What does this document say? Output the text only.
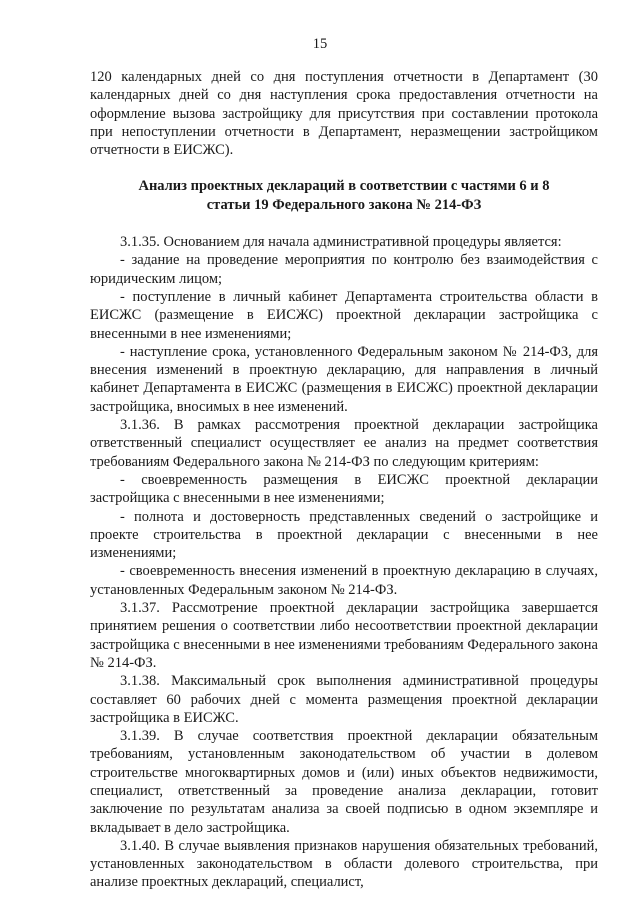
15

120 календарных дней со дня поступления отчетности в Департамент (30 календарных дней со дня наступления срока предоставления отчетности на оформление вызова застройщику для присутствия при составлении протокола при непоступлении отчетности в Департамент, неразмещении застройщиком отчетности в ЕИСЖС).

Анализ проектных деклараций в соответствии с частями 6 и 8
статьи 19 Федерального закона № 214-ФЗ

3.1.35. Основанием для начала административной процедуры является:

- задание на проведение мероприятия по контролю без взаимодействия с юридическим лицом;

- поступление в личный кабинет Департамента строительства области в ЕИСЖС (размещение в ЕИСЖС) проектной декларации застройщика с внесенными в нее изменениями;

- наступление срока, установленного Федеральным законом № 214-ФЗ, для внесения изменений в проектную декларацию, для направления в личный кабинет Департамента в ЕИСЖС (размещения в ЕИСЖС) проектной декларации застройщика, вносимых в нее изменений.

3.1.36. В рамках рассмотрения проектной декларации застройщика ответственный специалист осуществляет ее анализ на предмет соответствия требованиям Федерального закона № 214-ФЗ по следующим критериям:

- своевременность размещения в ЕИСЖС проектной декларации застройщика с внесенными в нее изменениями;

- полнота и достоверность представленных сведений о застройщике и проекте строительства в проектной декларации с внесенными в нее изменениями;

- своевременность внесения изменений в проектную декларацию в случаях, установленных Федеральным законом № 214-ФЗ.

3.1.37. Рассмотрение проектной декларации застройщика завершается принятием решения о соответствии либо несоответствии проектной декларации застройщика с внесенными в нее изменениями требованиям Федерального закона № 214-ФЗ.

3.1.38. Максимальный срок выполнения административной процедуры составляет 60 рабочих дней с момента размещения проектной декларации застройщика в ЕИСЖС.

3.1.39. В случае соответствия проектной декларации обязательным требованиям, установленным законодательством об участии в долевом строительстве многоквартирных домов и (или) иных объектов недвижимости, специалист, ответственный за проведение анализа декларации, готовит заключение по результатам анализа за своей подписью в одном экземпляре и вкладывает в дело застройщика.

3.1.40. В случае выявления признаков нарушения обязательных требований, установленных законодательством в области долевого строительства, при анализе проектных деклараций, специалист,
